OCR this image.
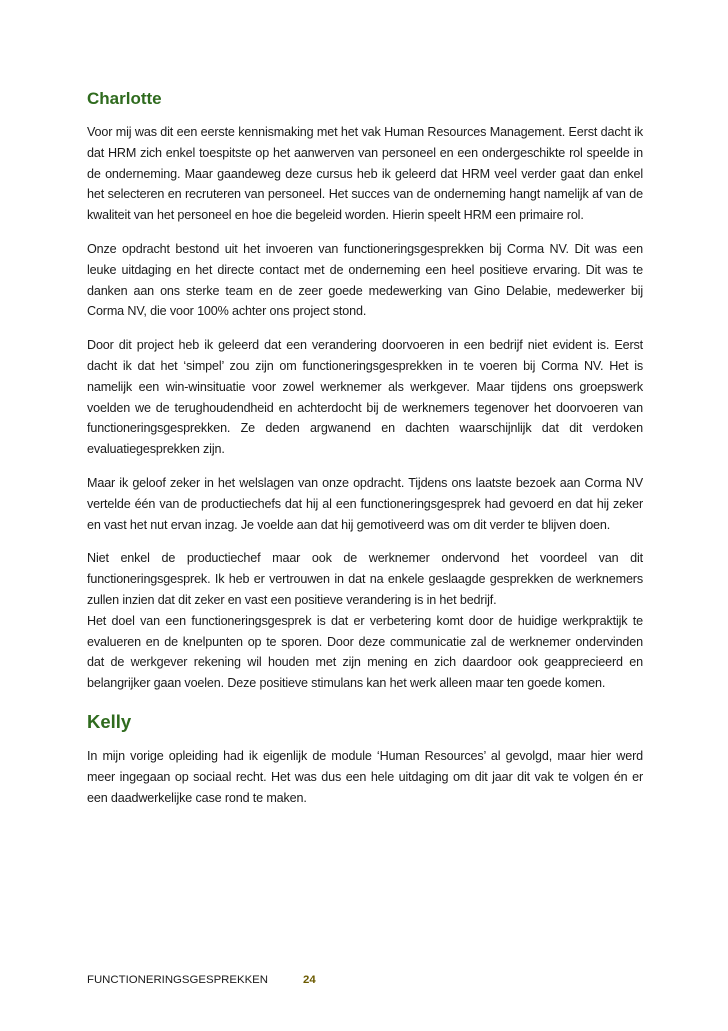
Charlotte

Voor mij was dit een eerste kennismaking met het vak Human Resources Management. Eerst dacht ik dat HRM zich enkel toespitste op het aanwerven van personeel en een ondergeschikte rol speelde in de onderneming. Maar gaandeweg deze cursus heb ik geleerd dat HRM veel verder gaat dan enkel het selecteren en recruteren van personeel. Het succes van de onderneming hangt namelijk af van de kwaliteit van het personeel en hoe die begeleid worden. Hierin speelt HRM een primaire rol.

Onze opdracht bestond uit het invoeren van functioneringsgesprekken bij Corma NV. Dit was een leuke uitdaging en het directe contact met de onderneming een heel positieve ervaring. Dit was te danken aan ons sterke team en de zeer goede medewerking van Gino Delabie, medewerker bij Corma NV, die voor 100% achter ons project stond.

Door dit project heb ik geleerd dat een verandering doorvoeren in een bedrijf niet evident is. Eerst dacht ik dat het ‘simpel’ zou zijn om functioneringsgesprekken in te voeren bij Corma NV. Het is namelijk een win-winsituatie voor zowel werknemer als werkgever. Maar tijdens ons groepswerk voelden we de terughoudendheid en achterdocht bij de werknemers tegenover het doorvoeren van functioneringsgesprekken. Ze deden argwanend en dachten waarschijnlijk dat dit verdoken evaluatiegesprekken zijn.

Maar ik geloof zeker in het welslagen van onze opdracht. Tijdens ons laatste bezoek aan Corma NV vertelde één van de productiechefs dat hij al een functioneringsgesprek had gevoerd en dat hij zeker en vast het nut ervan inzag. Je voelde aan dat hij gemotiveerd was om dit verder te blijven doen.

Niet enkel de productiechef maar ook de werknemer ondervond het voordeel van dit functioneringsgesprek. Ik heb er vertrouwen in dat na enkele geslaagde gesprekken de werknemers zullen inzien dat dit zeker en vast een positieve verandering is in het bedrijf.

Het doel van een functioneringsgesprek is dat er verbetering komt door de huidige werkpraktijk te evalueren en de knelpunten op te sporen. Door deze communicatie zal de werknemer ondervinden dat de werkgever rekening wil houden met zijn mening en zich daardoor ook geapprecieerd en belangrijker gaan voelen. Deze positieve stimulans kan het werk alleen maar ten goede komen.

Kelly

In mijn vorige opleiding had ik eigenlijk de module ‘Human Resources’ al gevolgd, maar hier werd meer ingegaan op sociaal recht. Het was dus een hele uitdaging om dit jaar dit vak te volgen én er een daadwerkelijke case rond te maken.

FUNCTIONERINGSGESPREKKEN	24
